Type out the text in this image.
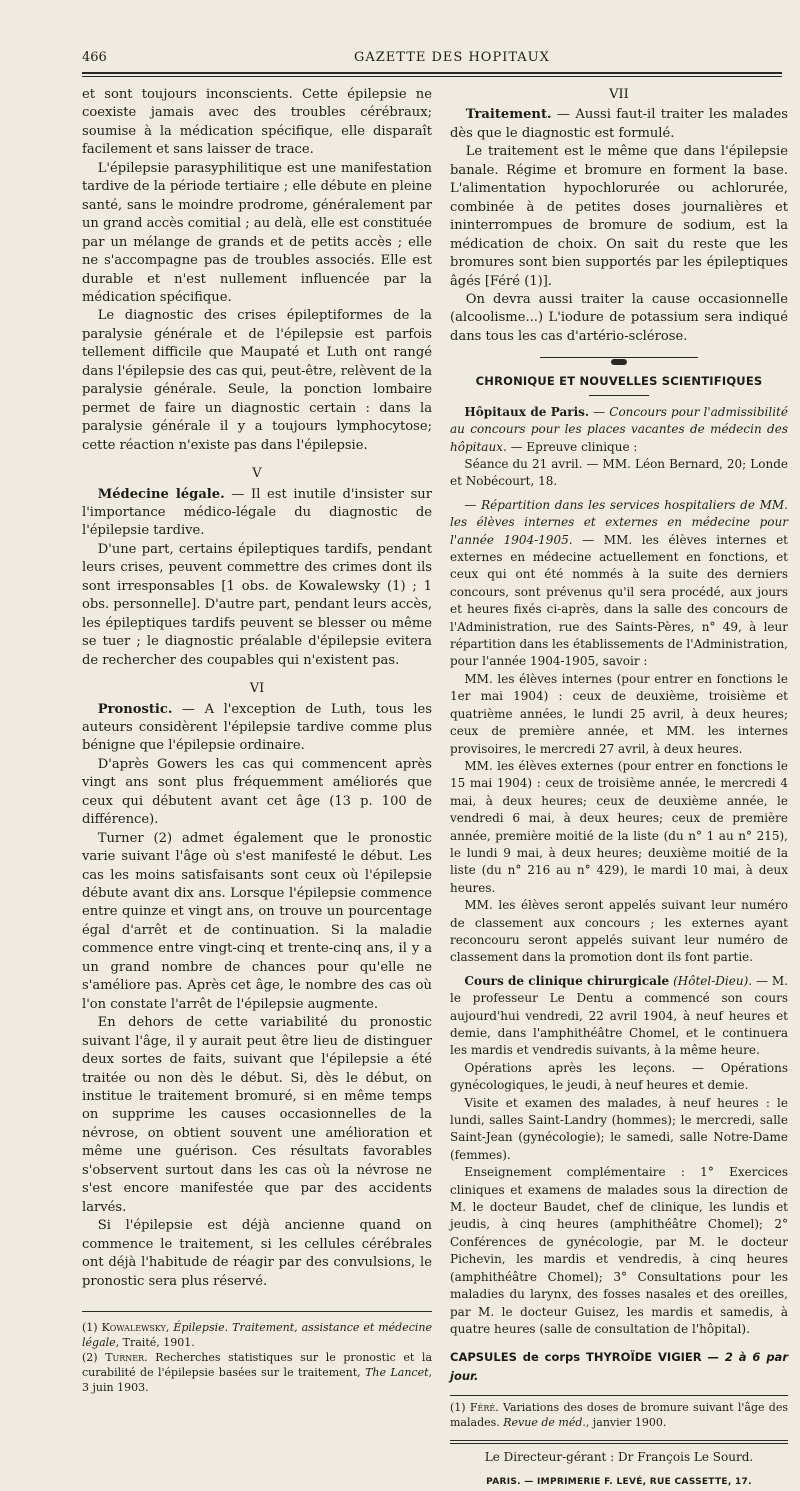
466	GAZETTE DES HOPITAUX

et sont toujours inconscients. Cette épilepsie ne coexiste jamais avec des troubles cérébraux; soumise à la médication spécifique, elle disparaît facilement et sans laisser de trace.

L'épilepsie parasyphilitique est une manifestation tardive de la période tertiaire ; elle débute en pleine santé, sans le moindre prodrome, généralement par un grand accès comitial ; au delà, elle est constituée par un mélange de grands et de petits accès ; elle ne s'accompagne pas de troubles associés. Elle est durable et n'est nullement influencée par la médication spécifique.

Le diagnostic des crises épileptiformes de la paralysie générale et de l'épilepsie est parfois tellement difficile que Maupaté et Luth ont rangé dans l'épilepsie des cas qui, peut-être, relèvent de la paralysie générale. Seule, la ponction lombaire permet de faire un diagnostic certain : dans la paralysie générale il y a toujours lymphocytose; cette réaction n'existe pas dans l'épilepsie.

V

Médecine légale. — Il est inutile d'insister sur l'importance médico-légale du diagnostic de l'épilepsie tardive.

D'une part, certains épileptiques tardifs, pendant leurs crises, peuvent commettre des crimes dont ils sont irresponsables [1 obs. de Kowalewsky (1) ; 1 obs. personnelle]. D'autre part, pendant leurs accès, les épileptiques tardifs peuvent se blesser ou même se tuer ; le diagnostic préalable d'épilepsie evitera de rechercher des coupables qui n'existent pas.

VI

Pronostic. — A l'exception de Luth, tous les auteurs considèrent l'épilepsie tardive comme plus bénigne que l'épilepsie ordinaire.

D'après Gowers les cas qui commencent après vingt ans sont plus fréquemment améliorés que ceux qui débutent avant cet âge (13 p. 100 de différence).

Turner (2) admet également que le pronostic varie suivant l'âge où s'est manifesté le début. Les cas les moins satisfaisants sont ceux où l'épilepsie débute avant dix ans. Lorsque l'épilepsie commence entre quinze et vingt ans, on trouve un pourcentage égal d'arrêt et de continuation. Si la maladie commence entre vingt-cinq et trente-cinq ans, il y a un grand nombre de chances pour qu'elle ne s'améliore pas. Après cet âge, le nombre des cas où l'on constate l'arrêt de l'épilepsie augmente.

En dehors de cette variabilité du pronostic suivant l'âge, il y aurait peut être lieu de distinguer deux sortes de faits, suivant que l'épilepsie a été traitée ou non dès le début. Si, dès le début, on institue le traitement bromuré, si en même temps on supprime les causes occasionnelles de la névrose, on obtient souvent une amélioration et même une guérison. Ces résultats favorables s'observent surtout dans les cas où la névrose ne s'est encore manifestée que par des accidents larvés.

Si l'épilepsie est déjà ancienne quand on commence le traitement, si les cellules cérébrales ont déjà l'habitude de réagir par des convulsions, le pronostic sera plus réservé.

(1) Kowalewsky, Épilepsie. Traitement, assistance et médecine légale, Traité, 1901.

(2) Turner. Recherches statistiques sur le pronostic et la curabilité de l'épilepsie basées sur le traitement, The Lancet, 3 juin 1903.

VII

Traitement. — Aussi faut-il traiter les malades dès que le diagnostic est formulé.

Le traitement est le même que dans l'épilepsie banale. Régime et bromure en forment la base. L'alimentation hypochlorurée ou achlorurée, combinée à de petites doses journalières et ininterrompues de bromure de sodium, est la médication de choix. On sait du reste que les bromures sont bien supportés par les épileptiques âgés [Féré (1)].

On devra aussi traiter la cause occasionnelle (alcoolisme...) L'iodure de potassium sera indiqué dans tous les cas d'artério-sclérose.

CHRONIQUE ET NOUVELLES SCIENTIFIQUES

Hôpitaux de Paris. — Concours pour l'admissibilité au concours pour les places vacantes de médecin des hôpitaux. — Epreuve clinique :

Séance du 21 avril. — MM. Léon Bernard, 20; Londe et Nobécourt, 18.

— Répartition dans les services hospitaliers de MM. les élèves internes et externes en médecine pour l'année 1904-1905. — MM. les élèves internes et externes en médecine actuellement en fonctions, et ceux qui ont été nommés à la suite des derniers concours, sont prévenus qu'il sera procédé, aux jours et heures fixés ci-après, dans la salle des concours de l'Administration, rue des Saints-Pères, n° 49, à leur répartition dans les établissements de l'Administration, pour l'année 1904-1905, savoir :

MM. les élèves internes (pour entrer en fonctions le 1er mai 1904) : ceux de deuxième, troisième et quatrième années, le lundi 25 avril, à deux heures; ceux de première année, et MM. les internes provisoires, le mercredi 27 avril, à deux heures.

MM. les élèves externes (pour entrer en fonctions le 15 mai 1904) : ceux de troisième année, le mercredi 4 mai, à deux heures; ceux de deuxième année, le vendredi 6 mai, à deux heures; ceux de première année, première moitié de la liste (du n° 1 au n° 215), le lundi 9 mai, à deux heures; deuxième moitié de la liste (du n° 216 au n° 429), le mardi 10 mai, à deux heures.

MM. les élèves seront appelés suivant leur numéro de classement aux concours ; les externes ayant reconcouru seront appelés suivant leur numéro de classement dans la promotion dont ils font partie.

Cours de clinique chirurgicale (Hôtel-Dieu). — M. le professeur Le Dentu a commencé son cours aujourd'hui vendredi, 22 avril 1904, à neuf heures et demie, dans l'amphithéâtre Chomel, et le continuera les mardis et vendredis suivants, à la même heure.

Opérations après les leçons. — Opérations gynécologiques, le jeudi, à neuf heures et demie.

Visite et examen des malades, à neuf heures : le lundi, salles Saint-Landry (hommes); le mercredi, salle Saint-Jean (gynécologie); le samedi, salle Notre-Dame (femmes).

Enseignement complémentaire : 1° Exercices cliniques et examens de malades sous la direction de M. le docteur Baudet, chef de clinique, les lundis et jeudis, à cinq heures (amphithéâtre Chomel); 2° Conférences de gynécologie, par M. le docteur Pichevin, les mardis et vendredis, à cinq heures (amphithéâtre Chomel); 3° Consultations pour les maladies du larynx, des fosses nasales et des oreilles, par M. le docteur Guisez, les mardis et samedis, à quatre heures (salle de consultation de l'hôpital).

CAPSULES de corps THYROÏDE VIGIER — 2 à 6 par jour.

(1) Féré. Variations des doses de bromure suivant l'âge des malades. Revue de méd., janvier 1900.

Le Directeur-gérant : Dr François Le Sourd.
PARIS. — IMPRIMERIE F. LEVÉ, RUE CASSETTE, 17.
